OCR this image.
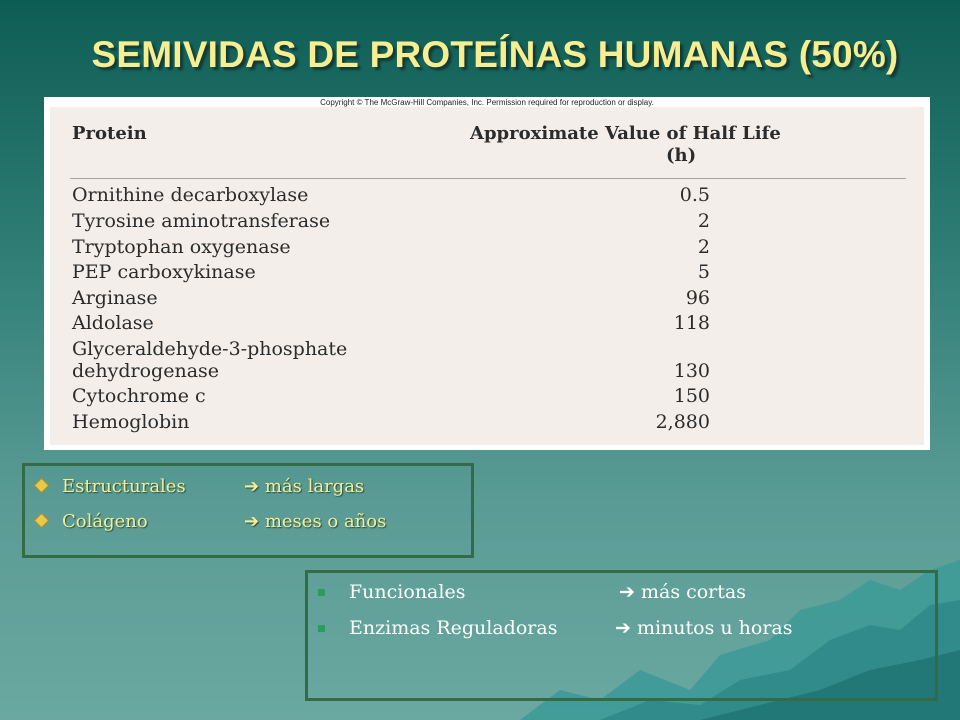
SEMIVIDAS DE PROTEÍNAS HUMANAS (50%)
Copyright © The McGraw-Hill Companies, Inc. Permission required for reproduction or display.
Protein	Approximate Value of Half Life
(h)
Ornithine decarboxylase	0.5
Tyrosine aminotransferase	2
Tryptophan oxygenase	2
PEP carboxykinase	5
Arginase	96
Aldolase	118
Glyceraldehyde-3-phosphate
dehydrogenase	130
Cytochrome c	150
Hemoglobin	2,880
Estructurales	➔ más largas
Colágeno	➔ meses o años
Funcionales	➔ más cortas
Enzimas Reguladoras	➔ minutos u horas
